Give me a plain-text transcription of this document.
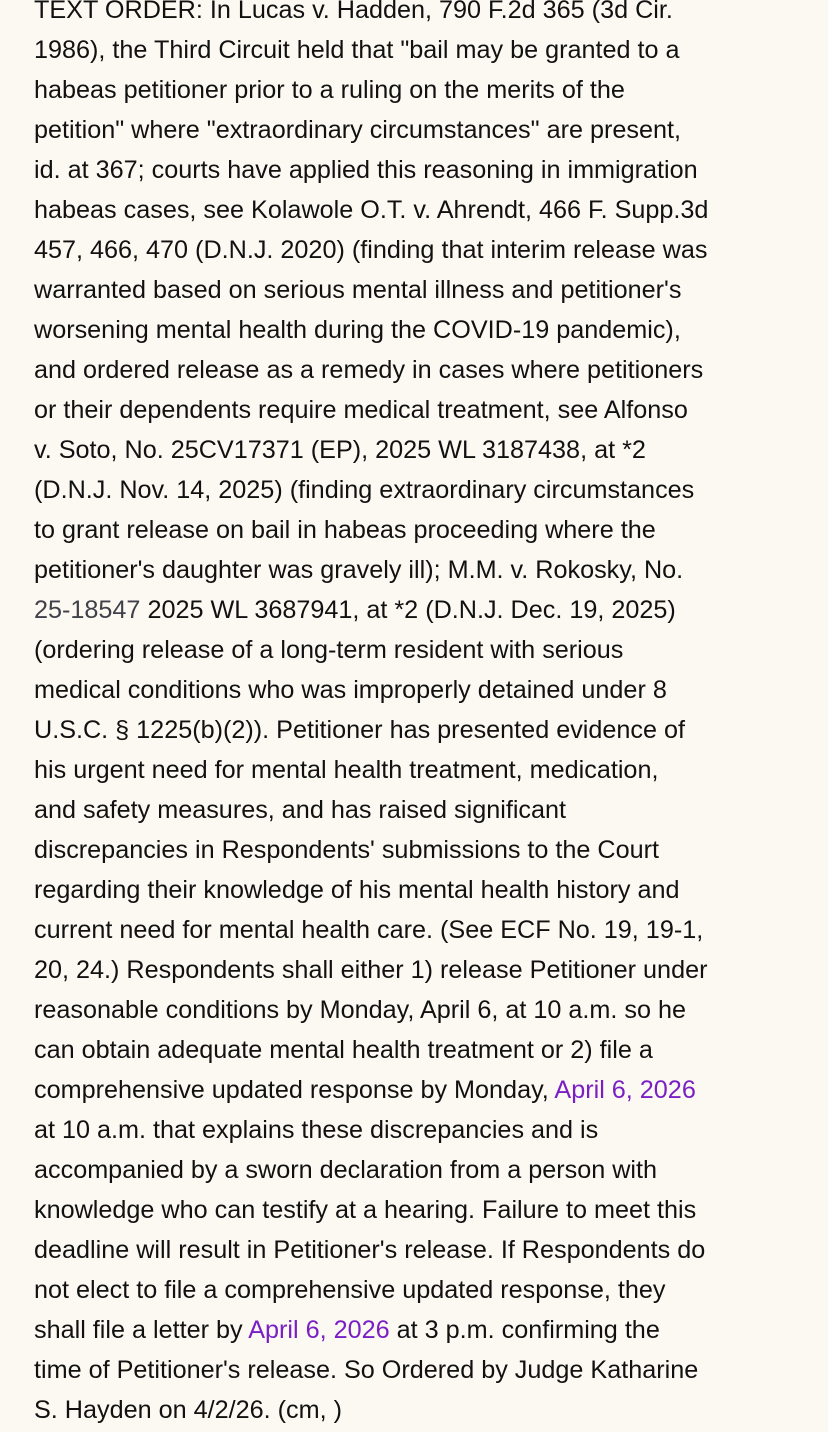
TEXT ORDER: In Lucas v. Hadden, 790 F.2d 365 (3d Cir.
1986), the Third Circuit held that "bail may be granted to a
habeas petitioner prior to a ruling on the merits of the
petition" where "extraordinary circumstances" are present,
id. at 367; courts have applied this reasoning in immigration
habeas cases, see Kolawole O.T. v. Ahrendt, 466 F. Supp.3d
457, 466, 470 (D.N.J. 2020) (finding that interim release was
warranted based on serious mental illness and petitioner's
worsening mental health during the COVID-19 pandemic),
and ordered release as a remedy in cases where petitioners
or their dependents require medical treatment, see Alfonso
v. Soto, No. 25CV17371 (EP), 2025 WL 3187438, at *2
(D.N.J. Nov. 14, 2025) (finding extraordinary circumstances
to grant release on bail in habeas proceeding where the
petitioner's daughter was gravely ill); M.M. v. Rokosky, No.
25-18547 2025 WL 3687941, at *2 (D.N.J. Dec. 19, 2025)
(ordering release of a long-term resident with serious
medical conditions who was improperly detained under 8
U.S.C. § 1225(b)(2)). Petitioner has presented evidence of
his urgent need for mental health treatment, medication,
and safety measures, and has raised significant
discrepancies in Respondents' submissions to the Court
regarding their knowledge of his mental health history and
current need for mental health care. (See ECF No. 19, 19-1,
20, 24.) Respondents shall either 1) release Petitioner under
reasonable conditions by Monday, April 6, at 10 a.m. so he
can obtain adequate mental health treatment or 2) file a
comprehensive updated response by Monday, April 6, 2026
at 10 a.m. that explains these discrepancies and is
accompanied by a sworn declaration from a person with
knowledge who can testify at a hearing. Failure to meet this
deadline will result in Petitioner's release. If Respondents do
not elect to file a comprehensive updated response, they
shall file a letter by April 6, 2026 at 3 p.m. confirming the
time of Petitioner's release. So Ordered by Judge Katharine
S. Hayden on 4/2/26. (cm, )
